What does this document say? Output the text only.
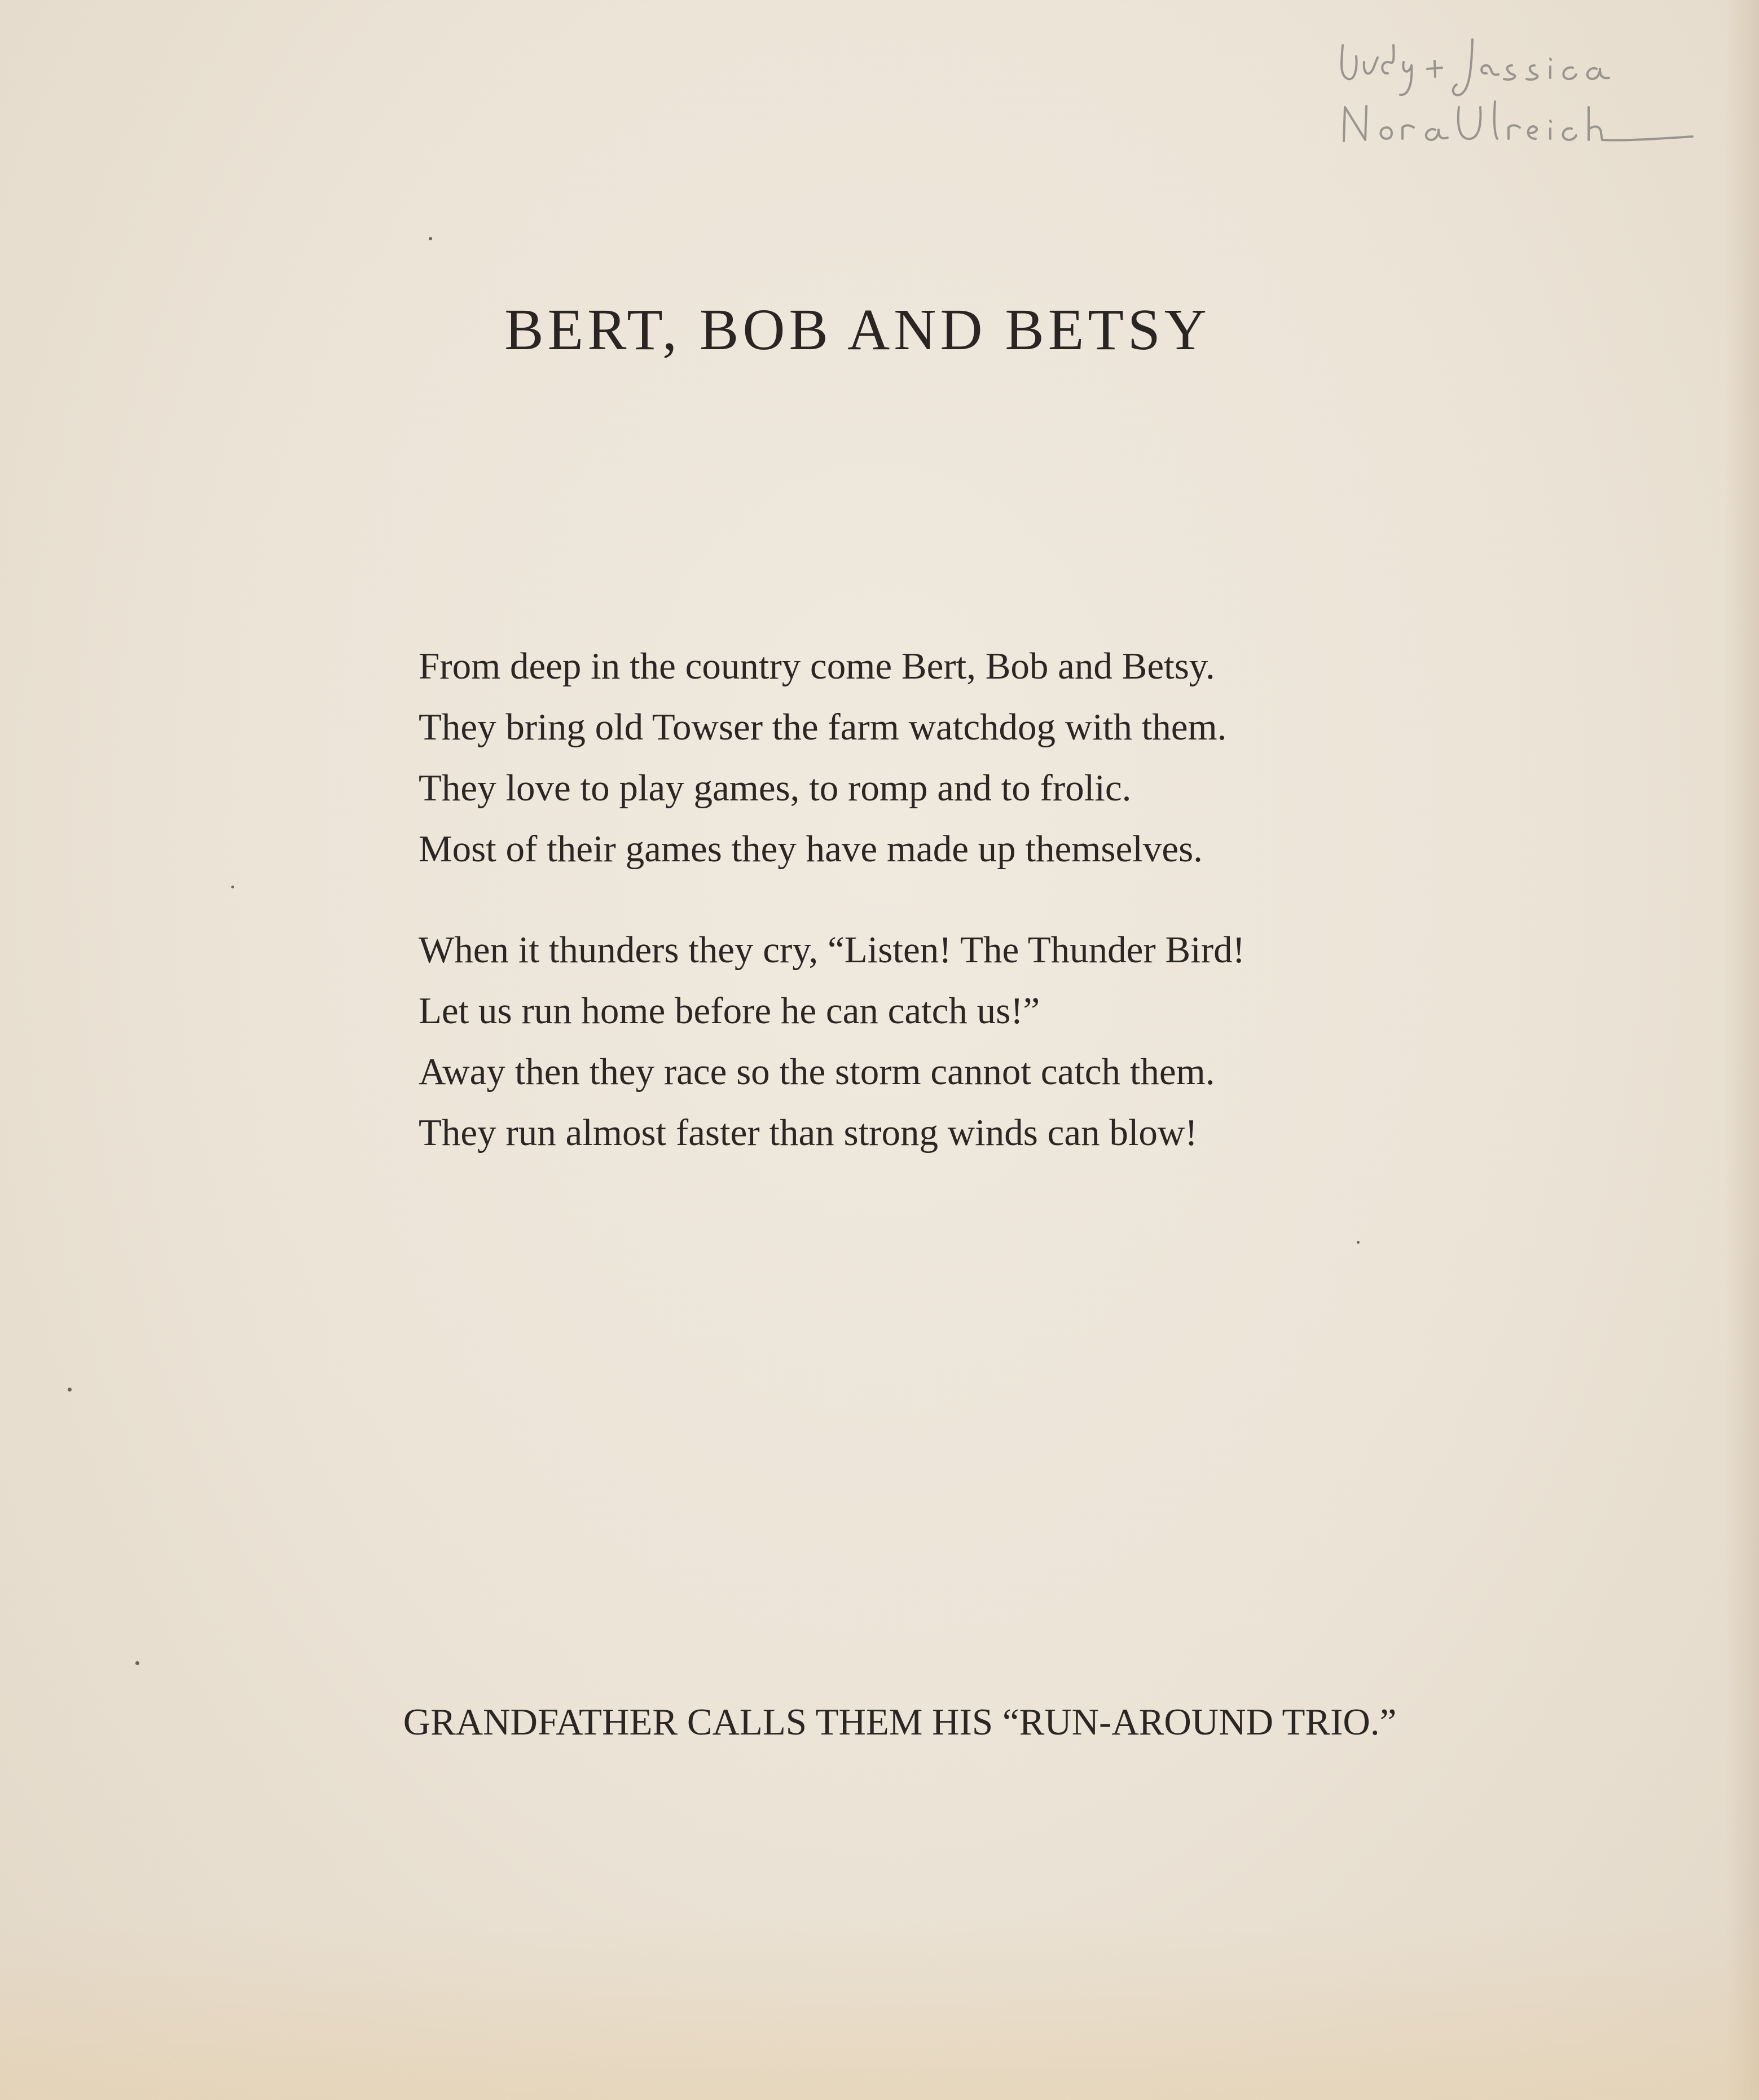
BERT, BOB AND BETSY
From deep in the country come Bert, Bob and Betsy.
They bring old Towser the farm watchdog with them.
They love to play games, to romp and to frolic.
Most of their games they have made up themselves.
When it thunders they cry, “Listen! The Thunder Bird!
Let us run home before he can catch us!”
Away then they race so the storm cannot catch them.
They run almost faster than strong winds can blow!

GRANDFATHER CALLS THEM HIS “RUN-AROUND TRIO.”
